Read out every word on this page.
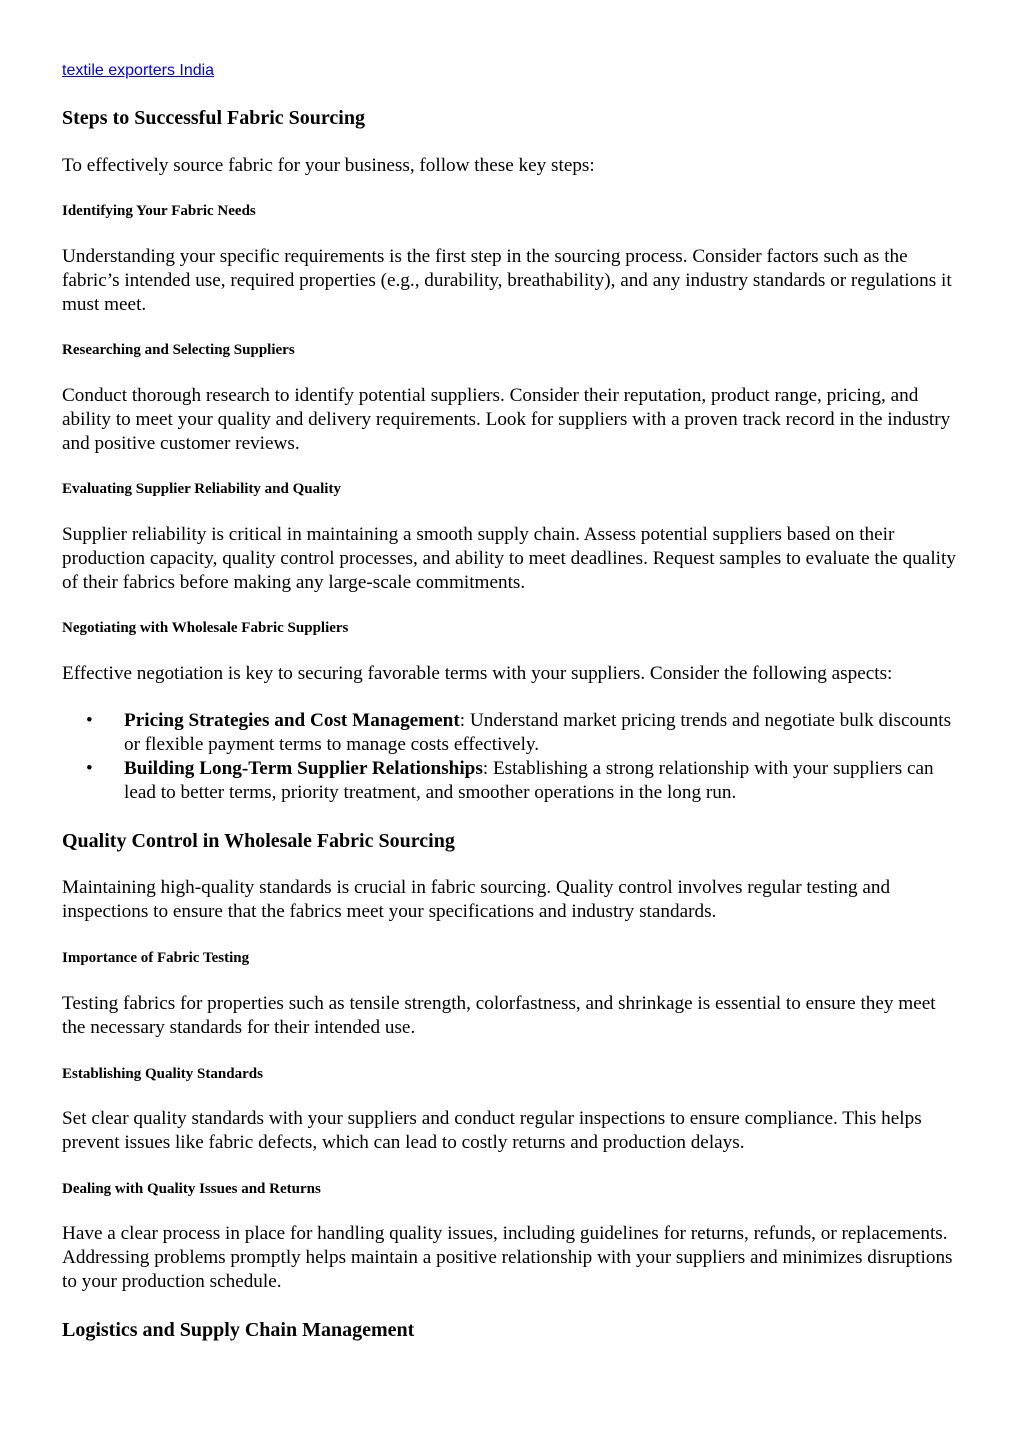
textile exporters India
Steps to Successful Fabric Sourcing

To effectively source fabric for your business, follow these key steps:

Identifying Your Fabric Needs

Understanding your specific requirements is the first step in the sourcing process. Consider factors such as the fabric’s intended use, required properties (e.g., durability, breathability), and any industry standards or regulations it must meet.

Researching and Selecting Suppliers

Conduct thorough research to identify potential suppliers. Consider their reputation, product range, pricing, and ability to meet your quality and delivery requirements. Look for suppliers with a proven track record in the industry and positive customer reviews.

Evaluating Supplier Reliability and Quality

Supplier reliability is critical in maintaining a smooth supply chain. Assess potential suppliers based on their production capacity, quality control processes, and ability to meet deadlines. Request samples to evaluate the quality of their fabrics before making any large-scale commitments.

Negotiating with Wholesale Fabric Suppliers

Effective negotiation is key to securing favorable terms with your suppliers. Consider the following aspects:

• Pricing Strategies and Cost Management: Understand market pricing trends and negotiate bulk discounts or flexible payment terms to manage costs effectively.
• Building Long-Term Supplier Relationships: Establishing a strong relationship with your suppliers can lead to better terms, priority treatment, and smoother operations in the long run.
Quality Control in Wholesale Fabric Sourcing

Maintaining high-quality standards is crucial in fabric sourcing. Quality control involves regular testing and inspections to ensure that the fabrics meet your specifications and industry standards.

Importance of Fabric Testing

Testing fabrics for properties such as tensile strength, colorfastness, and shrinkage is essential to ensure they meet the necessary standards for their intended use.

Establishing Quality Standards

Set clear quality standards with your suppliers and conduct regular inspections to ensure compliance. This helps prevent issues like fabric defects, which can lead to costly returns and production delays.

Dealing with Quality Issues and Returns

Have a clear process in place for handling quality issues, including guidelines for returns, refunds, or replacements. Addressing problems promptly helps maintain a positive relationship with your suppliers and minimizes disruptions to your production schedule.

Logistics and Supply Chain Management
